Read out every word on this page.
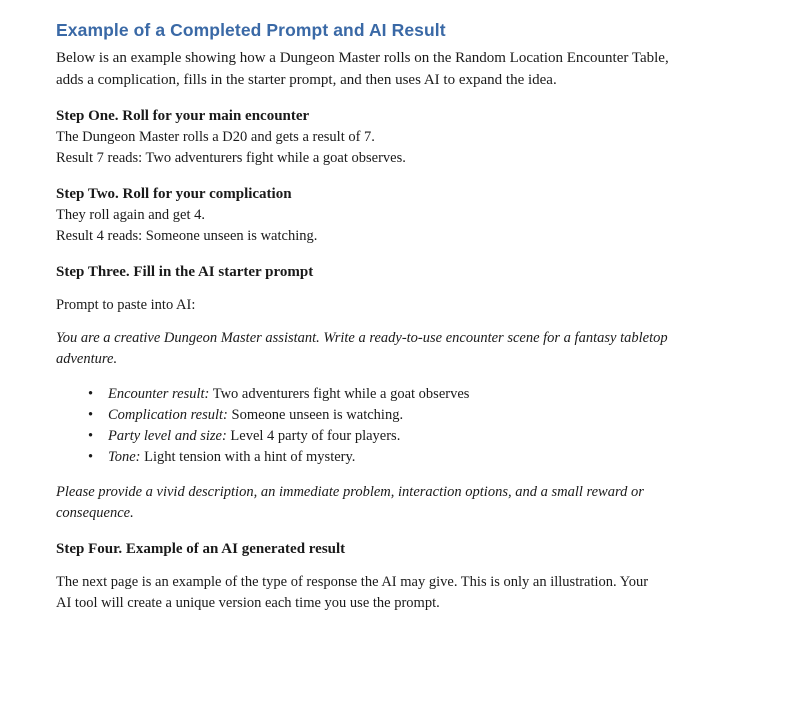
Example of a Completed Prompt and AI Result

Below is an example showing how a Dungeon Master rolls on the Random Location Encounter Table, adds a complication, fills in the starter prompt, and then uses AI to expand the idea.

Step One. Roll for your main encounter

The Dungeon Master rolls a D20 and gets a result of 7.

Result 7 reads: Two adventurers fight while a goat observes.

Step Two. Roll for your complication

They roll again and get 4.

Result 4 reads: Someone unseen is watching.

Step Three. Fill in the AI starter prompt

Prompt to paste into AI:

You are a creative Dungeon Master assistant. Write a ready-to-use encounter scene for a fantasy tabletop adventure.

• Encounter result: Two adventurers fight while a goat observes
• Complication result: Someone unseen is watching.
• Party level and size: Level 4 party of four players.
• Tone: Light tension with a hint of mystery.

Please provide a vivid description, an immediate problem, interaction options, and a small reward or consequence.

Step Four. Example of an AI generated result

The next page is an example of the type of response the AI may give. This is only an illustration. Your AI tool will create a unique version each time you use the prompt.
